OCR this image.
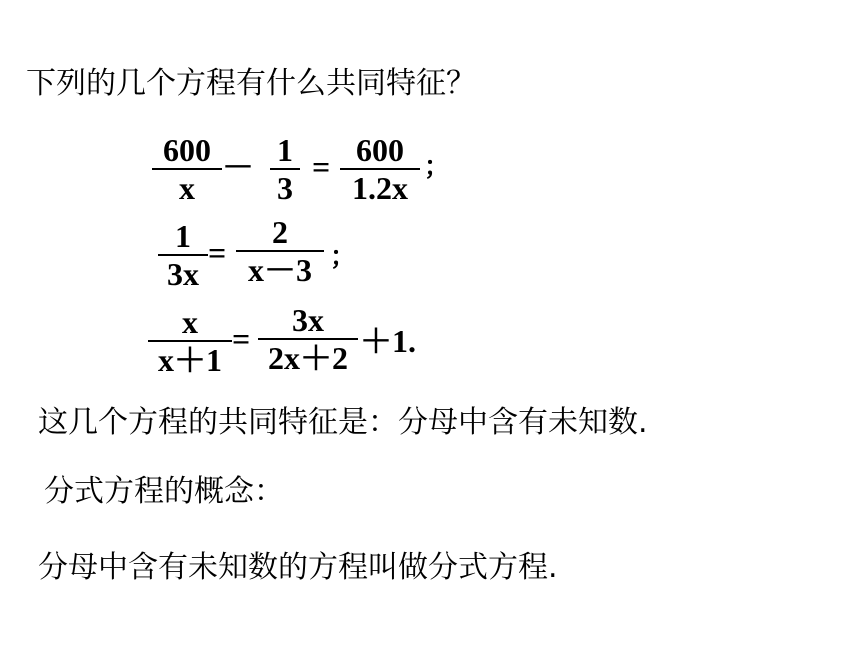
下列的几个方程有什么共同特征？
600
x
－ 1
3
= 600
1.2x
；
1
3x
=
2
x－3 ；
x
x＋1
=
3x
2x＋2 ＋1.
这几个方程的共同特征是：分母中含有未知数.
分式方程的概念：
分母中含有未知数的方程叫做分式方程.
